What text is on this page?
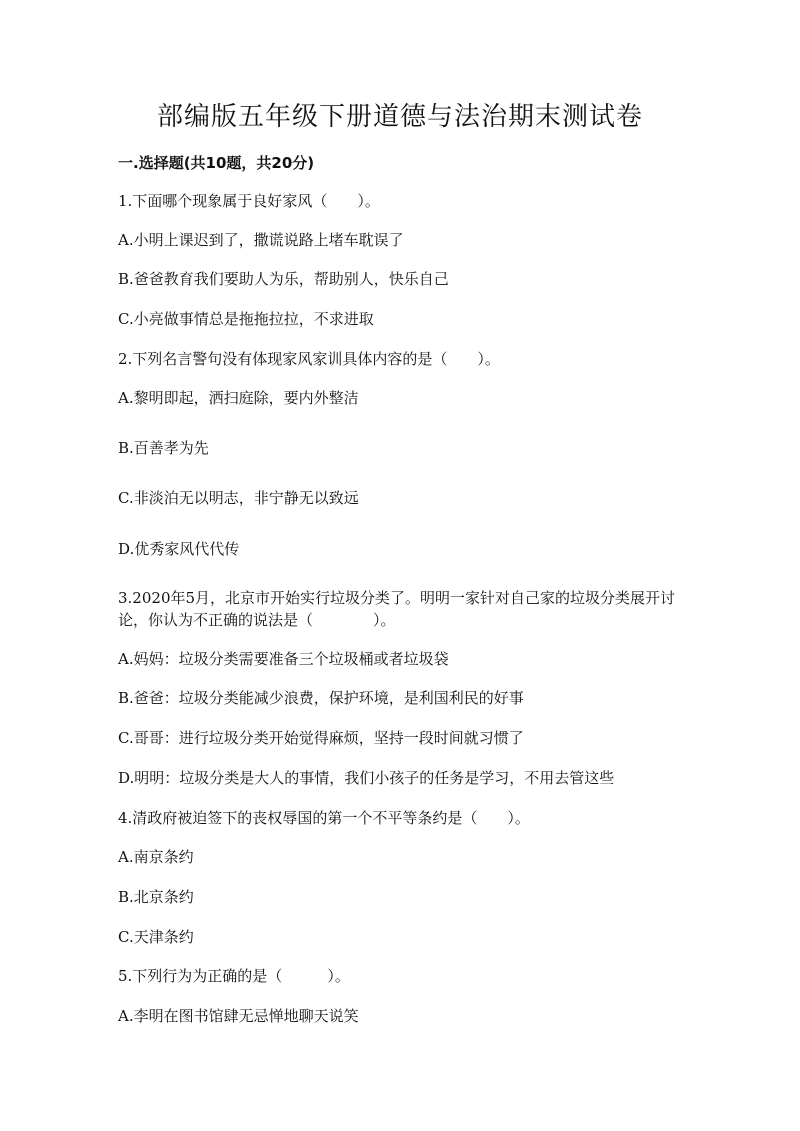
部编版五年级下册道德与法治期末测试卷
一.选择题(共10题，共20分)
1.下面哪个现象属于良好家风（　　）。
A.小明上课迟到了，撒谎说路上堵车耽误了
B.爸爸教育我们要助人为乐，帮助别人，快乐自己
C.小亮做事情总是拖拖拉拉，不求进取
2.下列名言警句没有体现家风家训具体内容的是（　　）。
A.黎明即起，洒扫庭除，要内外整洁
B.百善孝为先
C.非淡泊无以明志，非宁静无以致远
D.优秀家风代代传
3.2020年5月，北京市开始实行垃圾分类了。明明一家针对自己家的垃圾分类展开讨论，你认为不正确的说法是（　　　　）。
A.妈妈：垃圾分类需要准备三个垃圾桶或者垃圾袋
B.爸爸：垃圾分类能减少浪费，保护环境，是利国利民的好事
C.哥哥：进行垃圾分类开始觉得麻烦，坚持一段时间就习惯了
D.明明：垃圾分类是大人的事情，我们小孩子的任务是学习，不用去管这些
4.清政府被迫签下的丧权辱国的第一个不平等条约是（　　）。
A.南京条约
B.北京条约
C.天津条约
5.下列行为为正确的是（　　　）。
A.李明在图书馆肆无忌惮地聊天说笑
